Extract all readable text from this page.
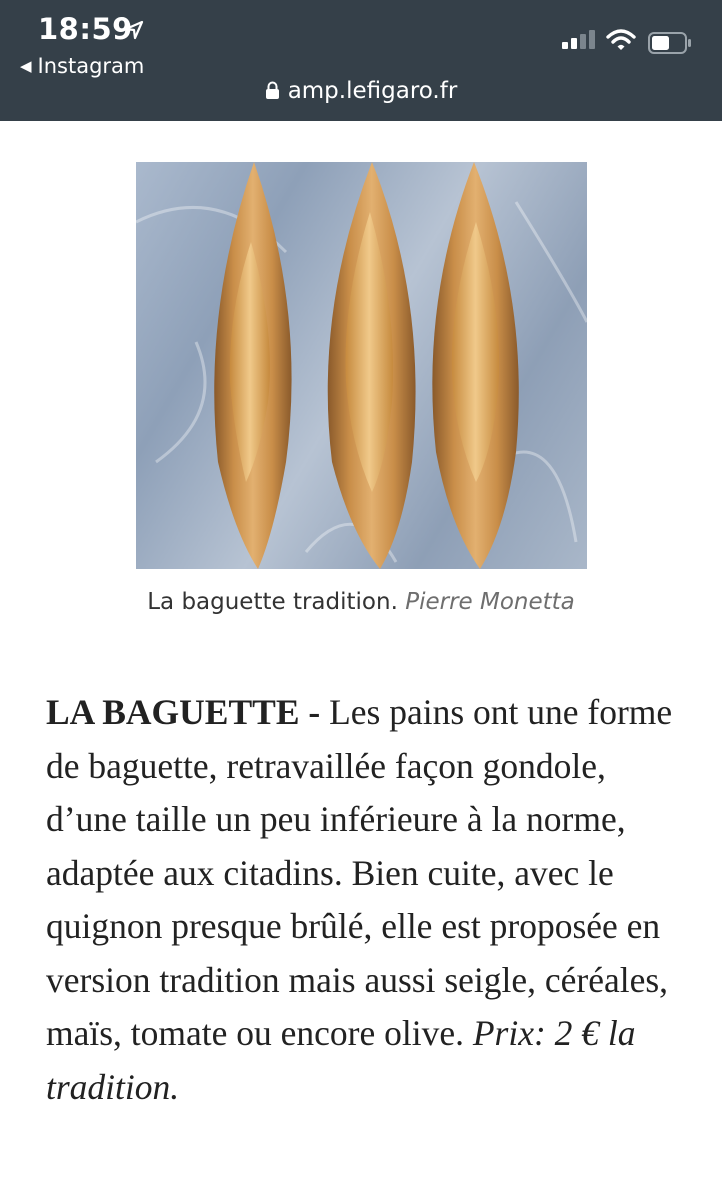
18:59
◀ Instagram
amp.lefigaro.fr
La baguette tradition. Pierre Monetta
LA BAGUETTE - Les pains ont une forme de baguette, retravaillée façon gondole, d’une taille un peu inférieure à la norme, adaptée aux citadins. Bien cuite, avec le quignon presque brûlé, elle est proposée en version tradition mais aussi seigle, céréales, maïs, tomate ou encore olive. Prix: 2 € la tradition.
